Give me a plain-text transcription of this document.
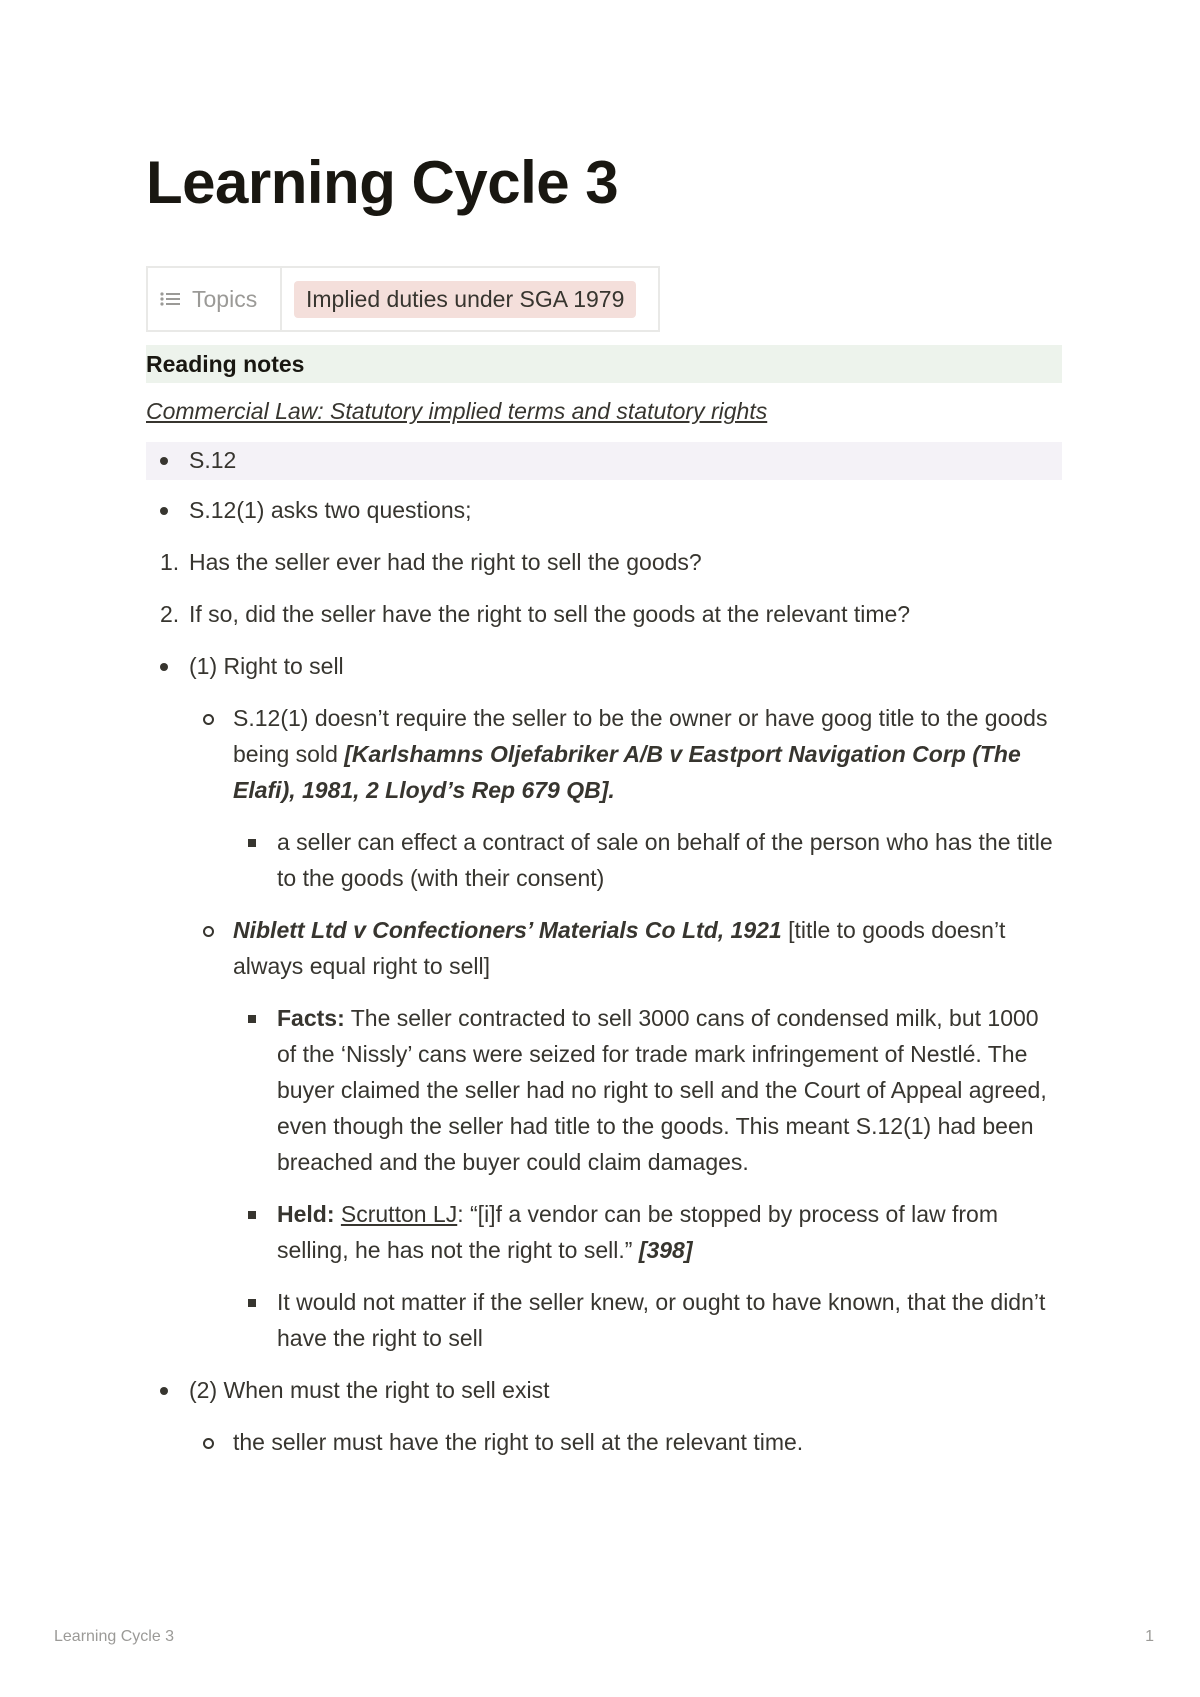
Learning Cycle 3
Topics	Implied duties under SGA 1979
Reading notes
Commercial Law: Statutory implied terms and statutory rights
S.12
S.12(1) asks two questions;
1. Has the seller ever had the right to sell the goods?
2. If so, did the seller have the right to sell the goods at the relevant time?
(1) Right to sell
S.12(1) doesn’t require the seller to be the owner or have goog title to the goods being sold [Karlshamns Oljefabriker A/B v Eastport Navigation Corp (The Elafi), 1981, 2 Lloyd’s Rep 679 QB].
a seller can effect a contract of sale on behalf of the person who has the title to the goods (with their consent)
Niblett Ltd v Confectioners’ Materials Co Ltd, 1921 [title to goods doesn’t always equal right to sell]
Facts: The seller contracted to sell 3000 cans of condensed milk, but 1000 of the ‘Nissly’ cans were seized for trade mark infringement of Nestlé. The buyer claimed the seller had no right to sell and the Court of Appeal agreed, even though the seller had title to the goods. This meant S.12(1) had been breached and the buyer could claim damages.
Held: Scrutton LJ: “[i]f a vendor can be stopped by process of law from selling, he has not the right to sell.” [398]
It would not matter if the seller knew, or ought to have known, that the didn’t have the right to sell
(2) When must the right to sell exist
the seller must have the right to sell at the relevant time.
Learning Cycle 3	1
